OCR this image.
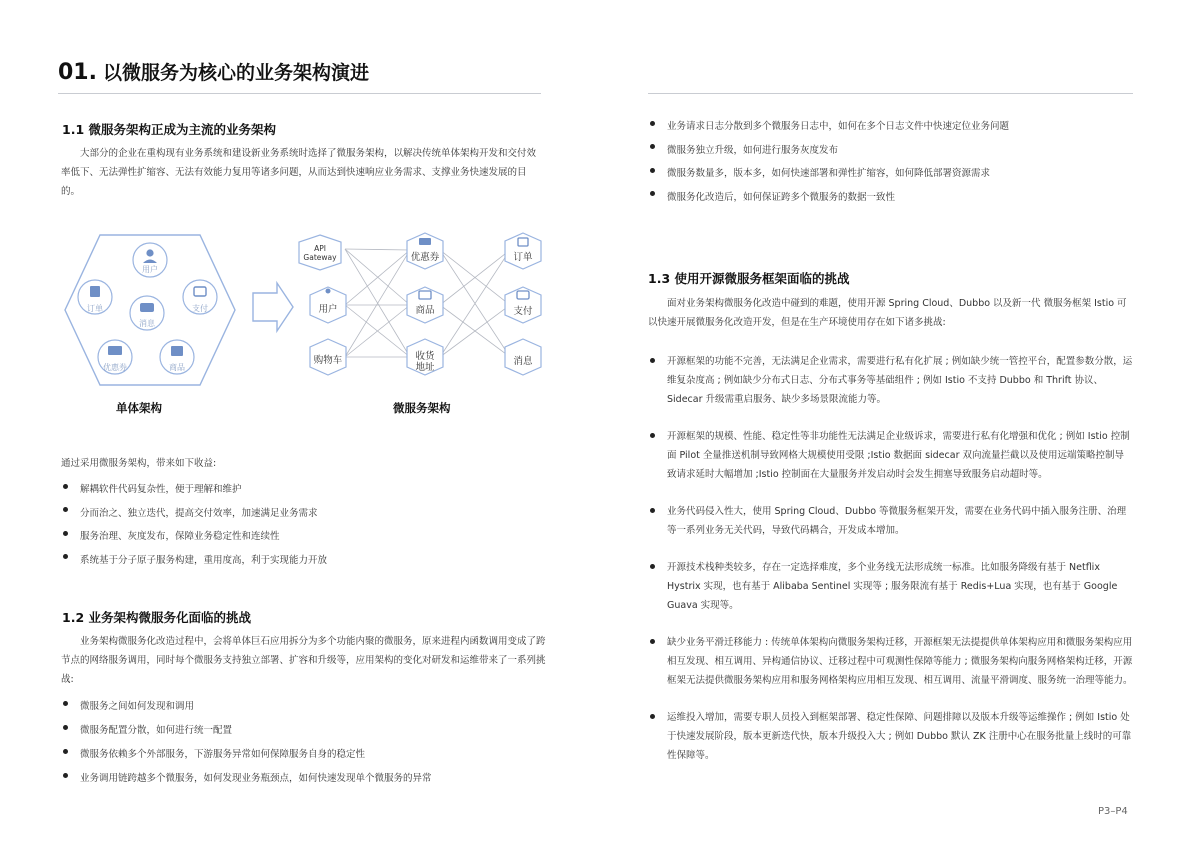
01. 以微服务为核心的业务架构演进
1.1 微服务架构正成为主流的业务架构
大部分的企业在重构现有业务系统和建设新业务系统时选择了微服务架构，以解决传统单体架构开发和交付效率低下、无法弹性扩缩容、无法有效能力复用等诸多问题，从而达到快速响应业务需求、支撑业务快速发展的目的。
用户
订单	支付
消息
优惠券	商品
API
Gateway
用户
购物车
优惠券
商品
收货
地址
订单
支付
消息
单体架构	微服务架构
通过采用微服务架构，带来如下收益:
解耦软件代码复杂性，便于理解和维护
分而治之、独立迭代，提高交付效率，加速满足业务需求
服务治理、灰度发布，保障业务稳定性和连续性
系统基于分子原子服务构建，重用度高，利于实现能力开放
1.2 业务架构微服务化面临的挑战
业务架构微服务化改造过程中，会将单体巨石应用拆分为多个功能内聚的微服务，原来进程内函数调用变成了跨节点的网络服务调用，同时每个微服务支持独立部署、扩容和升级等，应用架构的变化对研发和运维带来了一系列挑战:
微服务之间如何发现和调用
微服务配置分散，如何进行统一配置
微服务依赖多个外部服务，下游服务异常如何保障服务自身的稳定性
业务调用链跨越多个微服务，如何发现业务瓶颈点，如何快速发现单个微服务的异常
业务请求日志分散到多个微服务日志中，如何在多个日志文件中快速定位业务问题
微服务独立升级，如何进行服务灰度发布
微服务数量多，版本多，如何快速部署和弹性扩缩容，如何降低部署资源需求
微服务化改造后，如何保证跨多个微服务的数据一致性
1.3 使用开源微服务框架面临的挑战
面对业务架构微服务化改造中碰到的难题，使用开源 Spring Cloud、Dubbo 以及新一代 微服务框架 Istio 可以快速开展微服务化改造开发，但是在生产环境使用存在如下诸多挑战:
开源框架的功能不完善，无法满足企业需求，需要进行私有化扩展 ; 例如缺少统一管控平台，配置参数分散，运维复杂度高 ; 例如缺少分布式日志、分布式事务等基础组件 ; 例如 Istio 不支持 Dubbo 和 Thrift 协议、Sidecar 升级需重启服务、缺少多场景限流能力等。
开源框架的规模、性能、稳定性等非功能性无法满足企业级诉求，需要进行私有化增强和优化 ; 例如 Istio 控制面 Pilot 全量推送机制导致网格大规模使用受限 ;Istio 数据面 sidecar 双向流量拦截以及使用远端策略控制导致请求延时大幅增加 ;Istio 控制面在大量服务并发启动时会发生拥塞导致服务启动超时等。
业务代码侵入性大，使用 Spring Cloud、Dubbo 等微服务框架开发，需要在业务代码中插入服务注册、治理等一系列业务无关代码，导致代码耦合，开发成本增加。
开源技术栈种类较多，存在一定选择难度，多个业务线无法形成统一标准。比如服务降级有基于 Netflix Hystrix 实现，也有基于 Alibaba Sentinel 实现等 ; 服务限流有基于 Redis+Lua 实现，也有基于 Google Guava 实现等。
缺少业务平滑迁移能力 : 传统单体架构向微服务架构迁移，开源框架无法提提供单体架构应用和微服务架构应用相互发现、相互调用、异构通信协议、迁移过程中可观测性保障等能力 ; 微服务架构向服务网格架构迁移，开源框架无法提供微服务架构应用和服务网格架构应用相互发现、相互调用、流量平滑调度、服务统一治理等能力。
运维投入增加，需要专职人员投入到框架部署、稳定性保障、问题排障以及版本升级等运维操作 ; 例如 Istio 处于快速发展阶段，版本更新迭代快，版本升级投入大 ; 例如 Dubbo 默认 ZK 注册中心在服务批量上线时的可靠性保障等。
P3–P4
